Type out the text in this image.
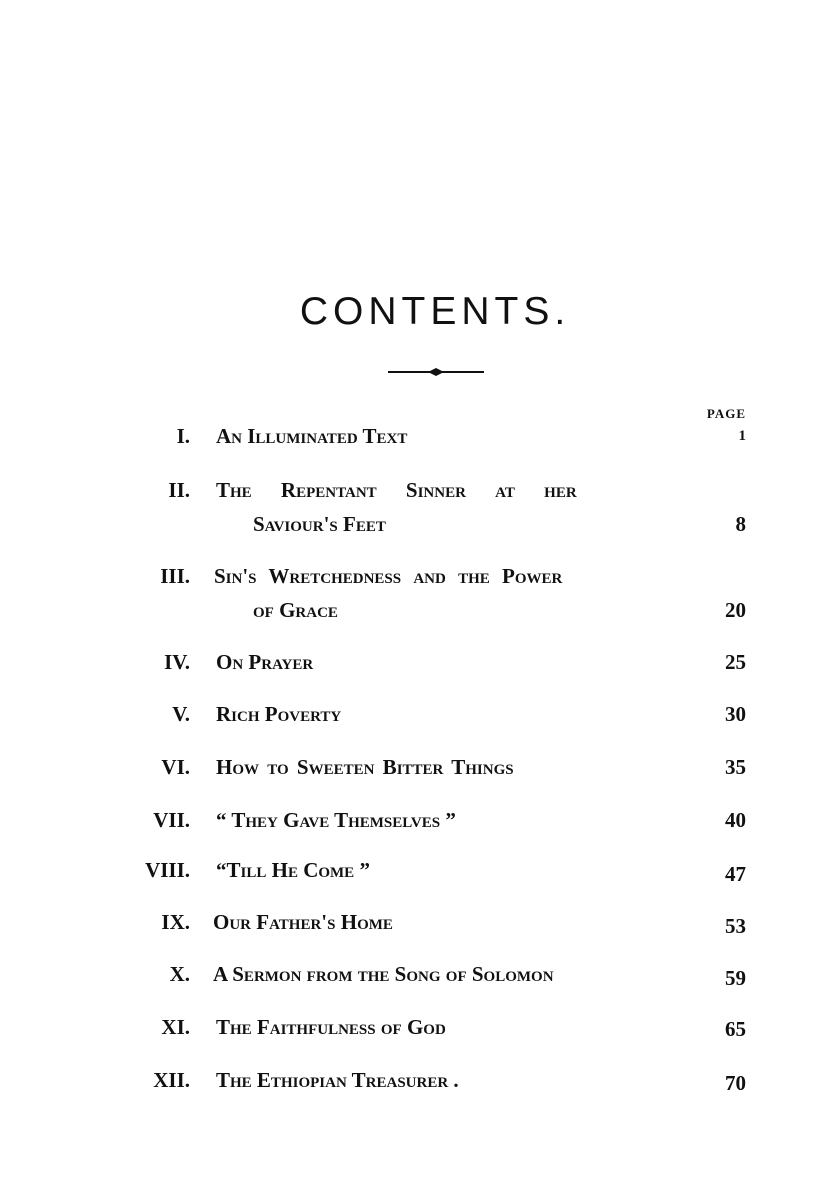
CONTENTS.
PAGE
I. An Illuminated Text	1
II. The Repentant Sinner at her
Saviour's Feet	8
III. Sin's Wretchedness and the Power
of Grace	20
IV. On Prayer	25
V. Rich Poverty	30
VI. How to Sweeten Bitter Things	35
VII. “ They Gave Themselves ”	40
VIII. “Till He Come ”	47
IX. Our Father's Home	53
X. A Sermon from the Song of Solomon	59
XI. The Faithfulness of God	65
XII. The Ethiopian Treasurer .	70
